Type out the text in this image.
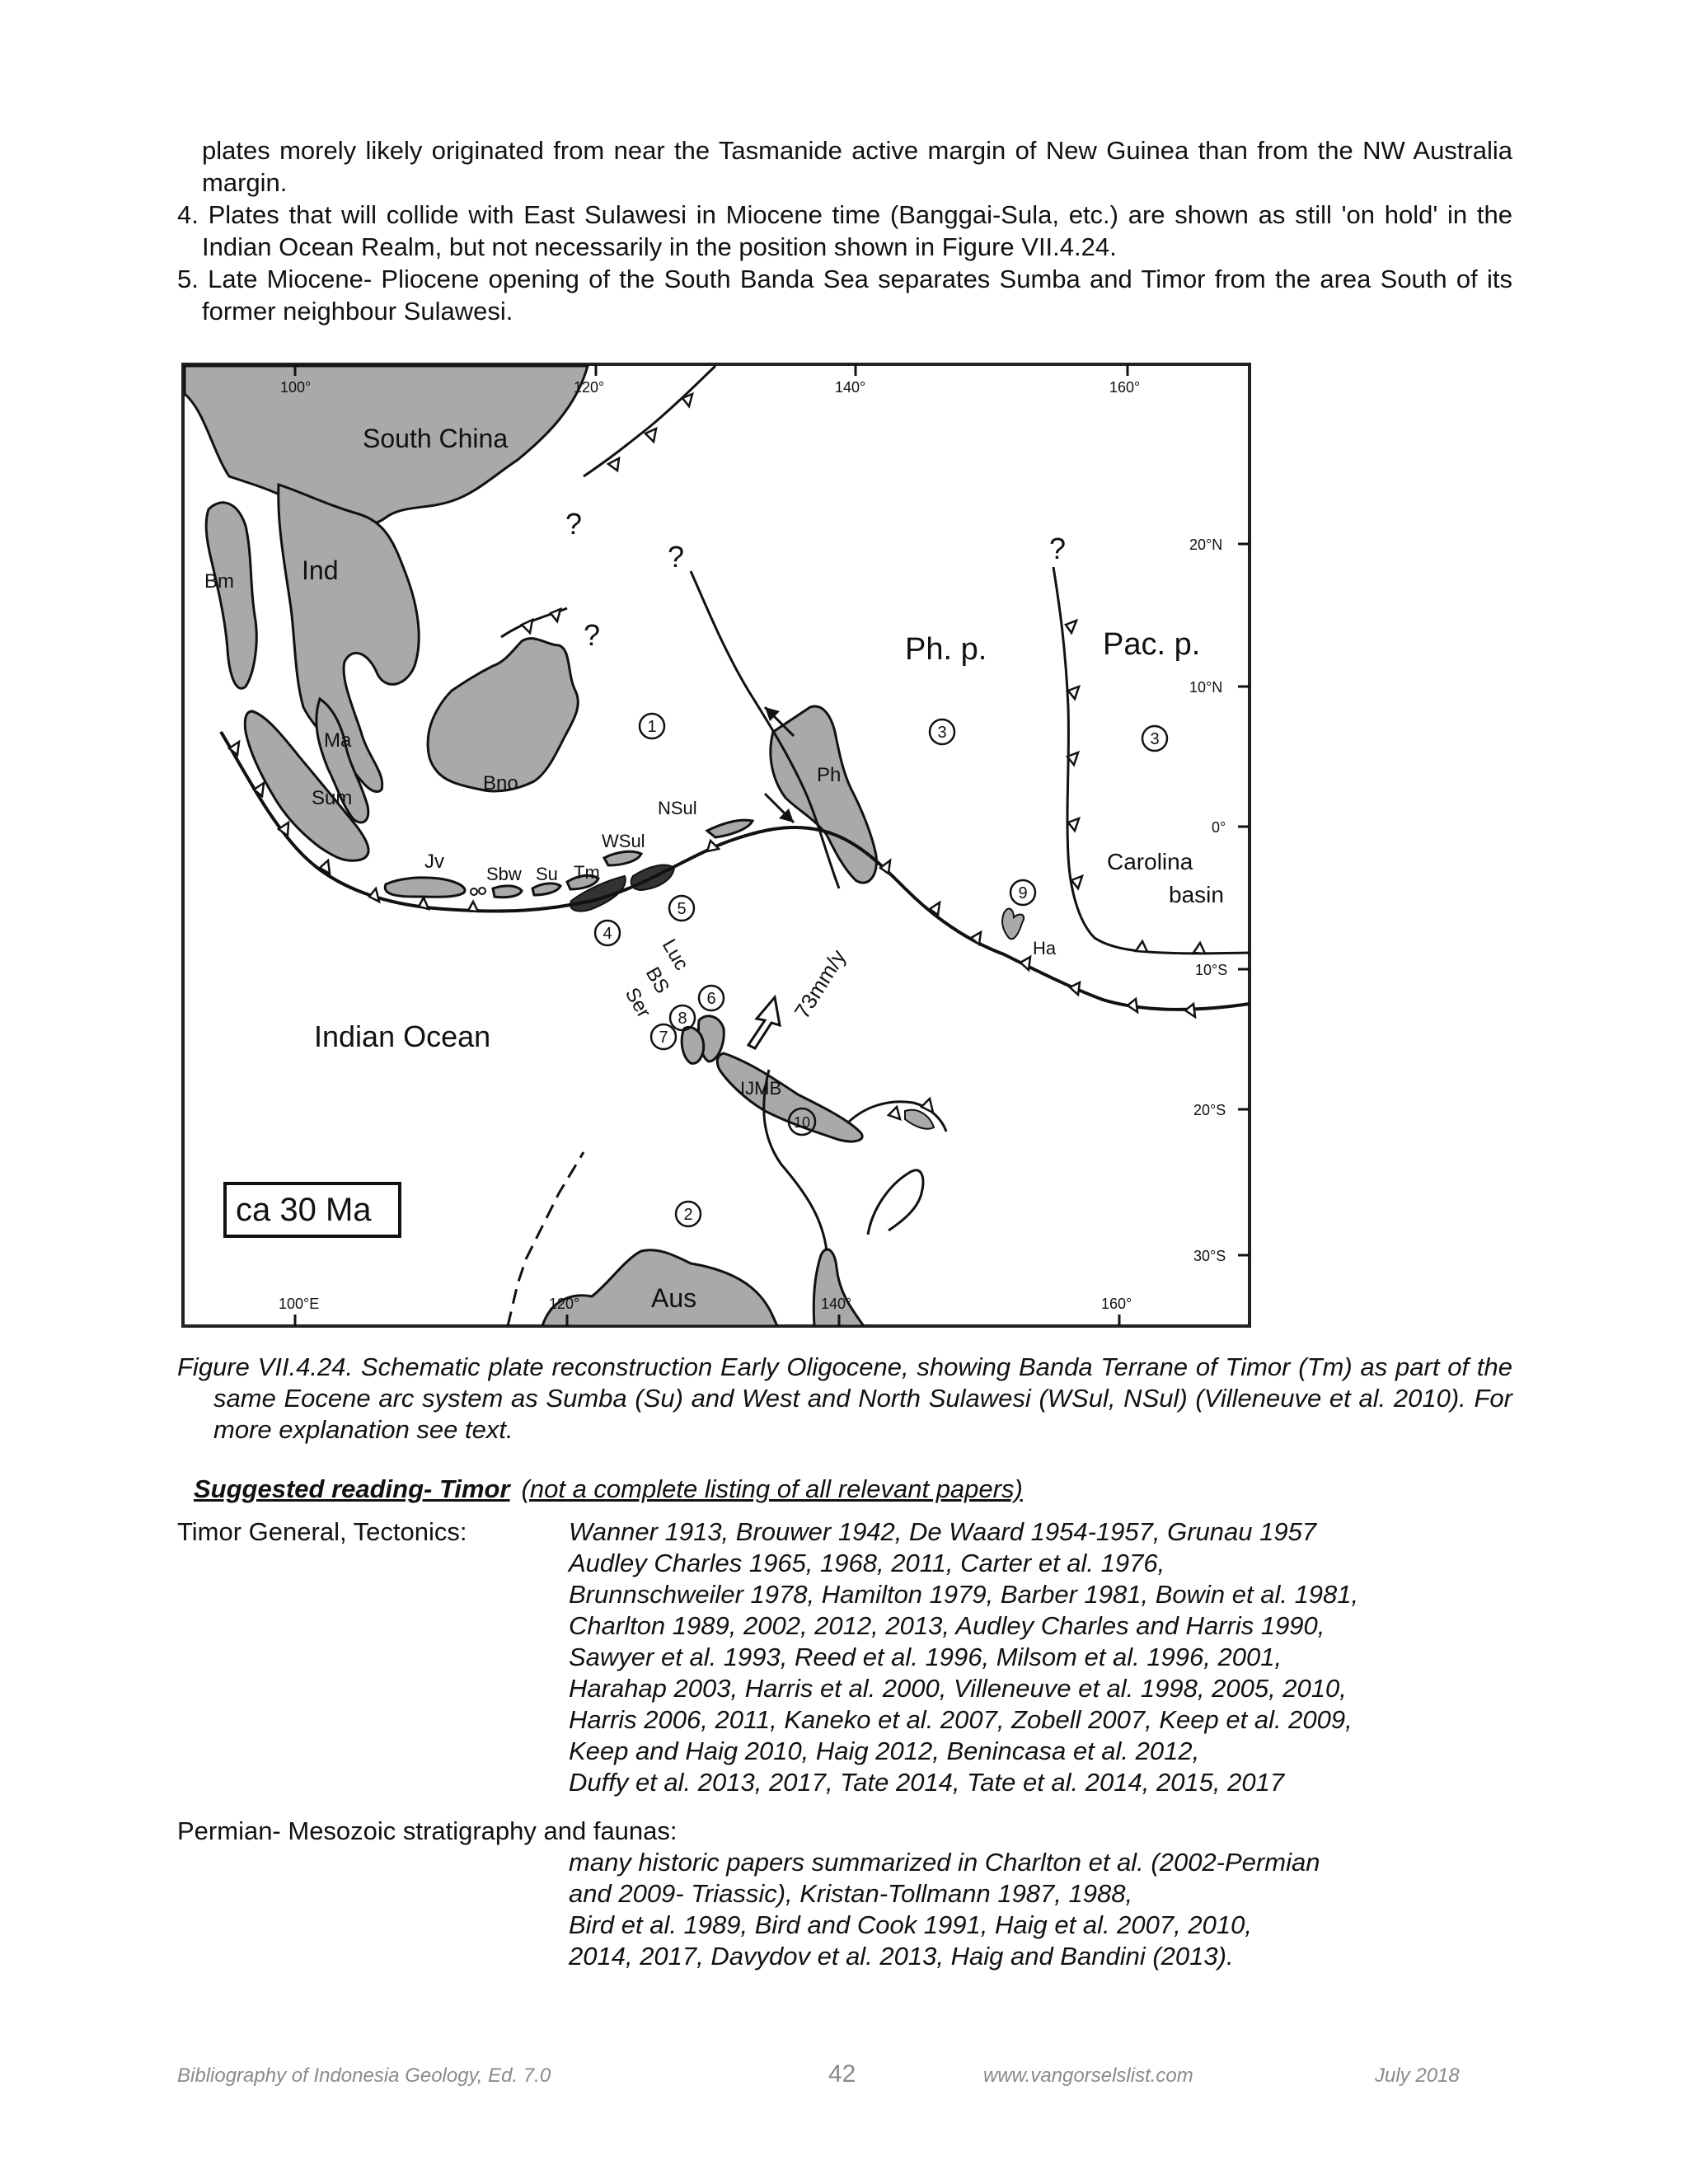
plates morely likely originated from near the Tasmanide active margin of New Guinea than from the NW Australia margin.

4. Plates that will collide with East Sulawesi in Miocene time (Banggai-Sula, etc.) are shown as still 'on hold' in the Indian Ocean Realm, but not necessarily in the position shown in Figure VII.4.24.

5. Late Miocene- Pliocene opening of the South Banda Sea separates Sumba and Timor from the area South of its former neighbour Sulawesi.

100°	120°	140°	160°
100°E	120°	140°	160°
20°N
10°N
0°
10°S
20°S
30°S
South China
Ind
Bm
Ma
Sum
Bno
NSul
WSul
Jv
Sbw Su Tm
Ph. p.	Pac. p.
Ph
Carolina
basin
Ha
Indian Ocean
Luc
BS
Ser
IJMB
Aus
73mm/y
?
?
?
?
1
2
3	3
4
5
6
7
8
9
10
ca 30 Ma
Figure VII.4.24. Schematic plate reconstruction Early Oligocene, showing Banda Terrane of Timor (Tm) as part of the same Eocene arc system as Sumba (Su) and West and North Sulawesi (WSul, NSul) (Villeneuve et al. 2010). For more explanation see text.
Suggested reading- Timor (not a complete listing of all relevant papers)
Timor General, Tectonics:	Wanner 1913, Brouwer 1942, De Waard 1954-1957, Grunau 1957
Audley Charles 1965, 1968, 2011, Carter et al. 1976,
Brunnschweiler 1978, Hamilton 1979, Barber 1981, Bowin et al. 1981,
Charlton 1989, 2002, 2012, 2013, Audley Charles and Harris 1990,
Sawyer et al. 1993, Reed et al. 1996, Milsom et al. 1996, 2001,
Harahap 2003, Harris et al. 2000, Villeneuve et al. 1998, 2005, 2010,
Harris 2006, 2011, Kaneko et al. 2007, Zobell 2007, Keep et al. 2009,
Keep and Haig 2010, Haig 2012, Benincasa et al. 2012,
Duffy et al. 2013, 2017, Tate 2014, Tate et al. 2014, 2015, 2017
Permian- Mesozoic stratigraphy and faunas:
many historic papers summarized in Charlton et al. (2002-Permian
and 2009- Triassic), Kristan-Tollmann 1987, 1988,
Bird et al. 1989, Bird and Cook 1991, Haig et al. 2007, 2010,
2014, 2017, Davydov et al. 2013, Haig and Bandini (2013).
Bibliography of Indonesia Geology, Ed. 7.0	42	www.vangorselslist.com	July 2018
